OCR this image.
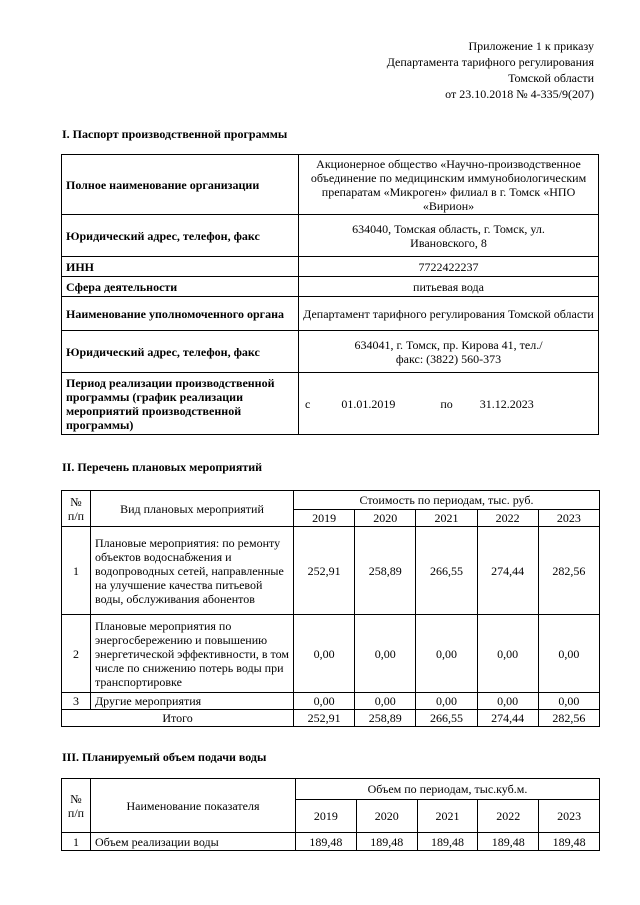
Приложение 1 к приказу
Департамента тарифного регулирования
Томской области
от 23.10.2018 № 4-335/9(207)
I. Паспорт производственной программы
Полное наименование организации	Акционерное общество «Научно-производственное объединение по медицинским иммунобиологическим препаратам «Микроген» филиал в г. Томск «НПО «Вирион»
Юридический адрес, телефон, факс	634040, Томская область, г. Томск, ул. Ивановского, 8
ИНН	7722422237
Сфера деятельности	питьевая вода
Наименование уполномоченного органа	Департамент тарифного регулирования Томской области
Юридический адрес, телефон, факс	634041, г. Томск, пр. Кирова 41, тел./факс: (3822) 560-373
Период реализации производственной программы (график реализации мероприятий производственной программы)	с 01.01.2019 по 31.12.2023
II. Перечень плановых мероприятий
№ п/п	Вид плановых мероприятий	Стоимость по периодам, тыс. руб.				
		2019	2020	2021	2022	2023
1	Плановые мероприятия: по ремонту объектов водоснабжения и водопроводных сетей, направленные на улучшение качества питьевой воды, обслуживания абонентов	252,91	258,89	266,55	274,44	282,56
2	Плановые мероприятия по энергосбережению и повышению энергетической эффективности, в том числе по снижению потерь воды при транспортировке	0,00	0,00	0,00	0,00	0,00
3	Другие мероприятия	0,00	0,00	0,00	0,00	0,00
Итого		252,91	258,89	266,55	274,44	282,56
III. Планируемый объем подачи воды
№ п/п	Наименование показателя	Объем по периодам, тыс.куб.м.				
		2019	2020	2021	2022	2023
1	Объем реализации воды	189,48	189,48	189,48	189,48	189,48
